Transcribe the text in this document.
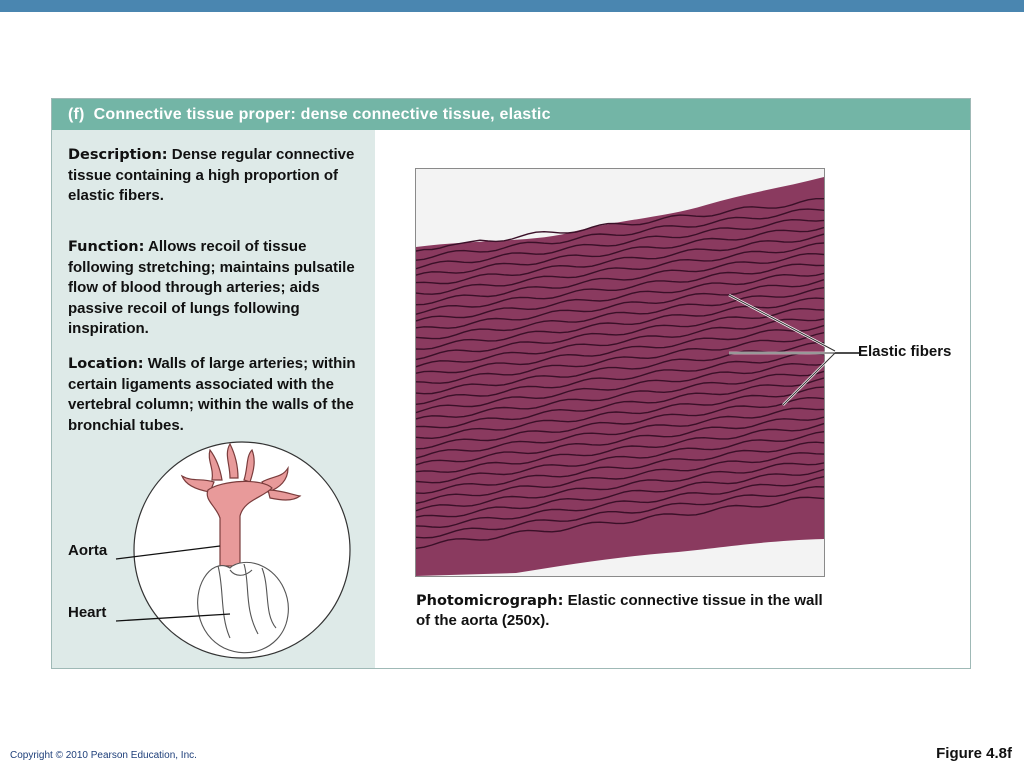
(f) Connective tissue proper: dense connective tissue, elastic
Description: Dense regular connective tissue containing a high proportion of elastic fibers.
Function: Allows recoil of tissue following stretching; maintains pulsatile flow of blood through arteries; aids passive recoil of lungs following inspiration.
Location: Walls of large arteries; within certain ligaments associated with the vertebral column; within the walls of the bronchial tubes.
Aorta
Heart
Elastic fibers
Photomicrograph: Elastic connective tissue in the wall of the aorta (250x).
Copyright © 2010 Pearson Education, Inc.	Figure 4.8f
